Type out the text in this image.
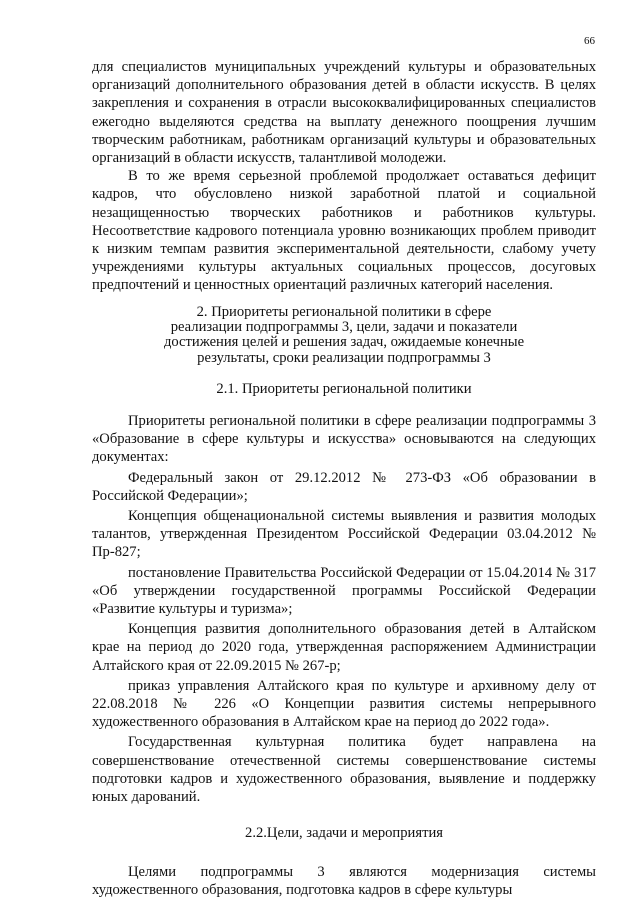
66

для специалистов муниципальных учреждений культуры и образовательных организаций дополнительного образования детей в области искусств. В целях закрепления и сохранения в отрасли высококвалифицированных специалистов ежегодно выделяются средства на выплату денежного поощрения лучшим творческим работникам, работникам организаций культуры и образовательных организаций в области искусств, талантливой молодежи.

В то же время серьезной проблемой продолжает оставаться дефицит кадров, что обусловлено низкой заработной платой и социальной незащищенностью творческих работников и работников культуры. Несоответствие кадрового потенциала уровню возникающих проблем приводит к низким темпам развития экспериментальной деятельности, слабому учету учреждениями культуры актуальных социальных процессов, досуговых предпочтений и ценностных ориентаций различных категорий населения.

2. Приоритеты региональной политики в сфере
реализации подпрограммы 3, цели, задачи и показатели
достижения целей и решения задач, ожидаемые конечные
результаты, сроки реализации подпрограммы 3
2.1. Приоритеты региональной политики

Приоритеты региональной политики в сфере реализации подпрограммы 3 «Образование в сфере культуры и искусства» основываются на следующих документах:

Федеральный закон от 29.12.2012 № 273-ФЗ «Об образовании в Российской Федерации»;

Концепция общенациональной системы выявления и развития молодых талантов, утвержденная Президентом Российской Федерации 03.04.2012 № Пр-827;

постановление Правительства Российской Федерации от 15.04.2014 № 317 «Об утверждении государственной программы Российской Федерации «Развитие культуры и туризма»;

Концепция развития дополнительного образования детей в Алтайском крае на период до 2020 года, утвержденная распоряжением Администрации Алтайского края от 22.09.2015 № 267-р;

приказ управления Алтайского края по культуре и архивному делу от 22.08.2018 № 226 «О Концепции развития системы непрерывного художественного образования в Алтайском крае на период до 2022 года».

Государственная культурная политика будет направлена на совершенствование отечественной системы совершенствование системы подготовки кадров и художественного образования, выявление и поддержку юных дарований.

2.2.Цели, задачи и мероприятия

Целями подпрограммы 3 являются модернизация системы художественного образования, подготовка кадров в сфере культуры
